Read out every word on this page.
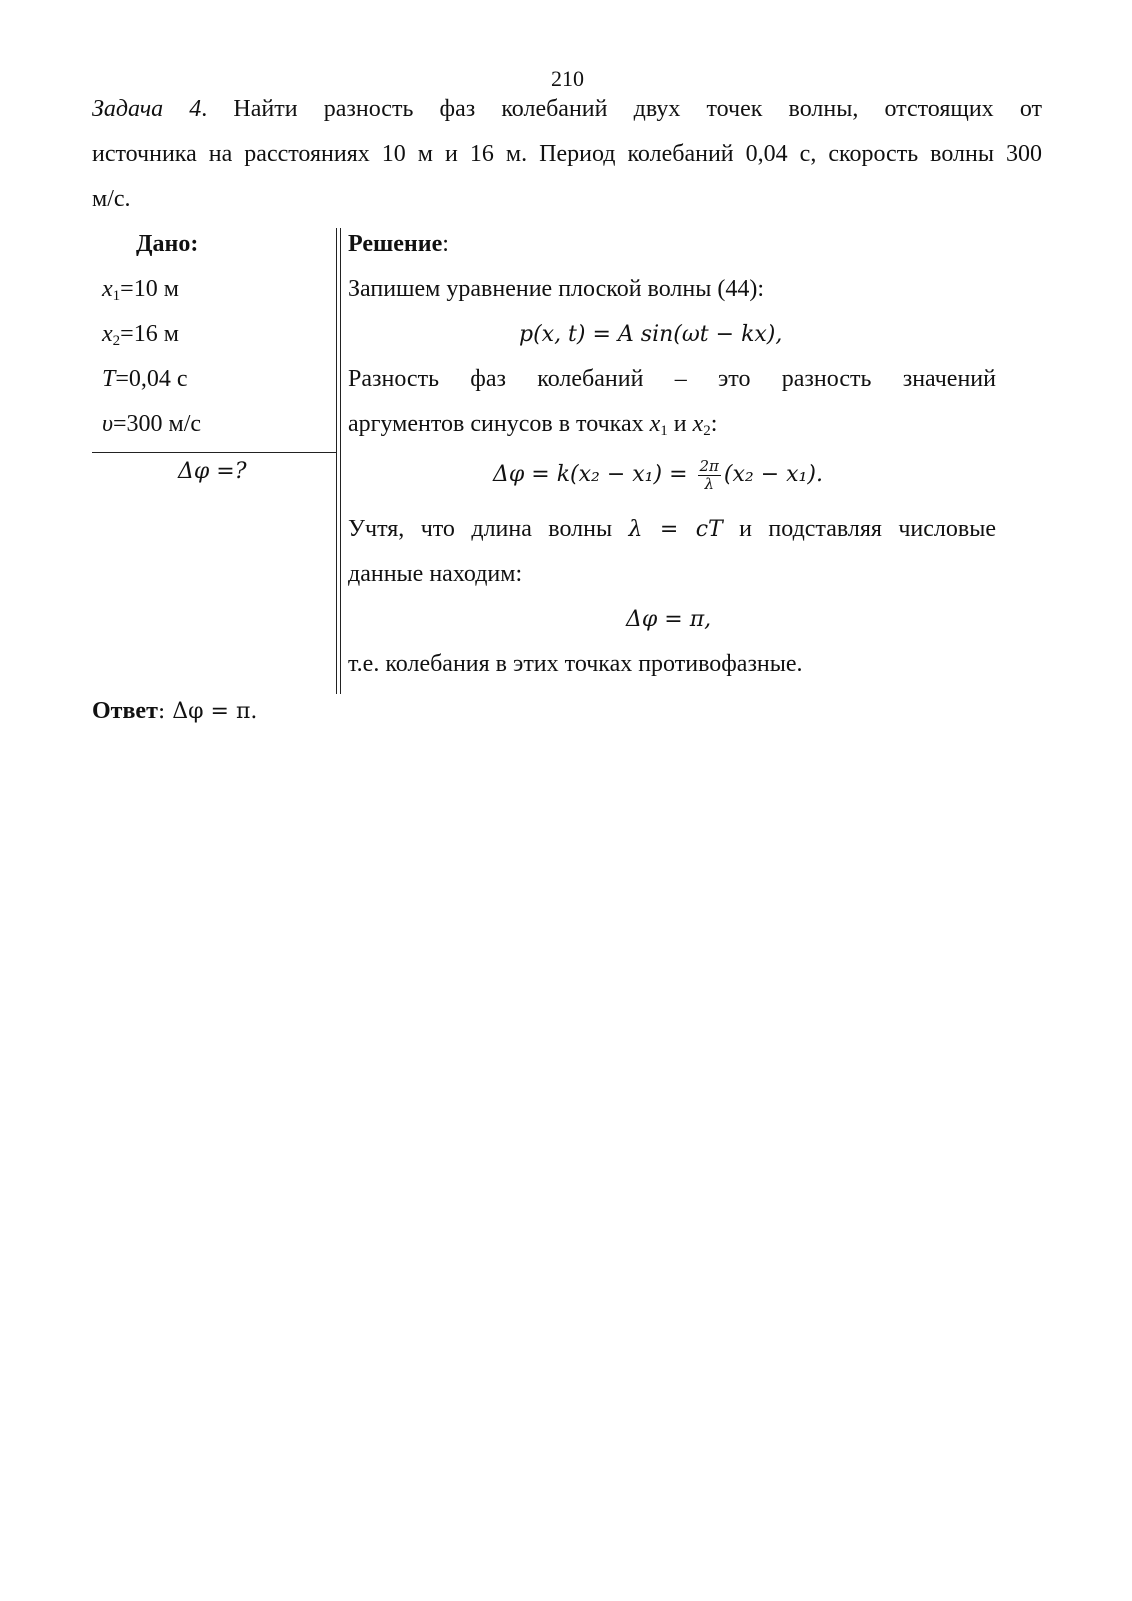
210
Задача 4. Найти разность фаз колебаний двух точек волны, отстоящих от
источника на расстояниях 10 м и 16 м. Период колебаний 0,04 с, скорость волны 300
м/с.
Дано:
$x_1=10$ м
$x_2=16$ м
T=0,04 с
υ=300 м/с
Δφ =?
Решение:
Запишем уравнение плоской волны (44):
p(x, t) = A sin(ωt − kx),
Разность фаз колебаний – это разность значений
аргументов синусов в точках $x_1$ и $x_2$:
$\Delta\varphi = k(x_2 - x_1) = \frac{2\pi}{\lambda} (x_2 - x_1)$.
Учтя, что длина волны λ = cT и подставляя числовые
данные находим:
Δφ = π,
т.е. колебания в этих точках противофазные.
Ответ: Δφ = π.
